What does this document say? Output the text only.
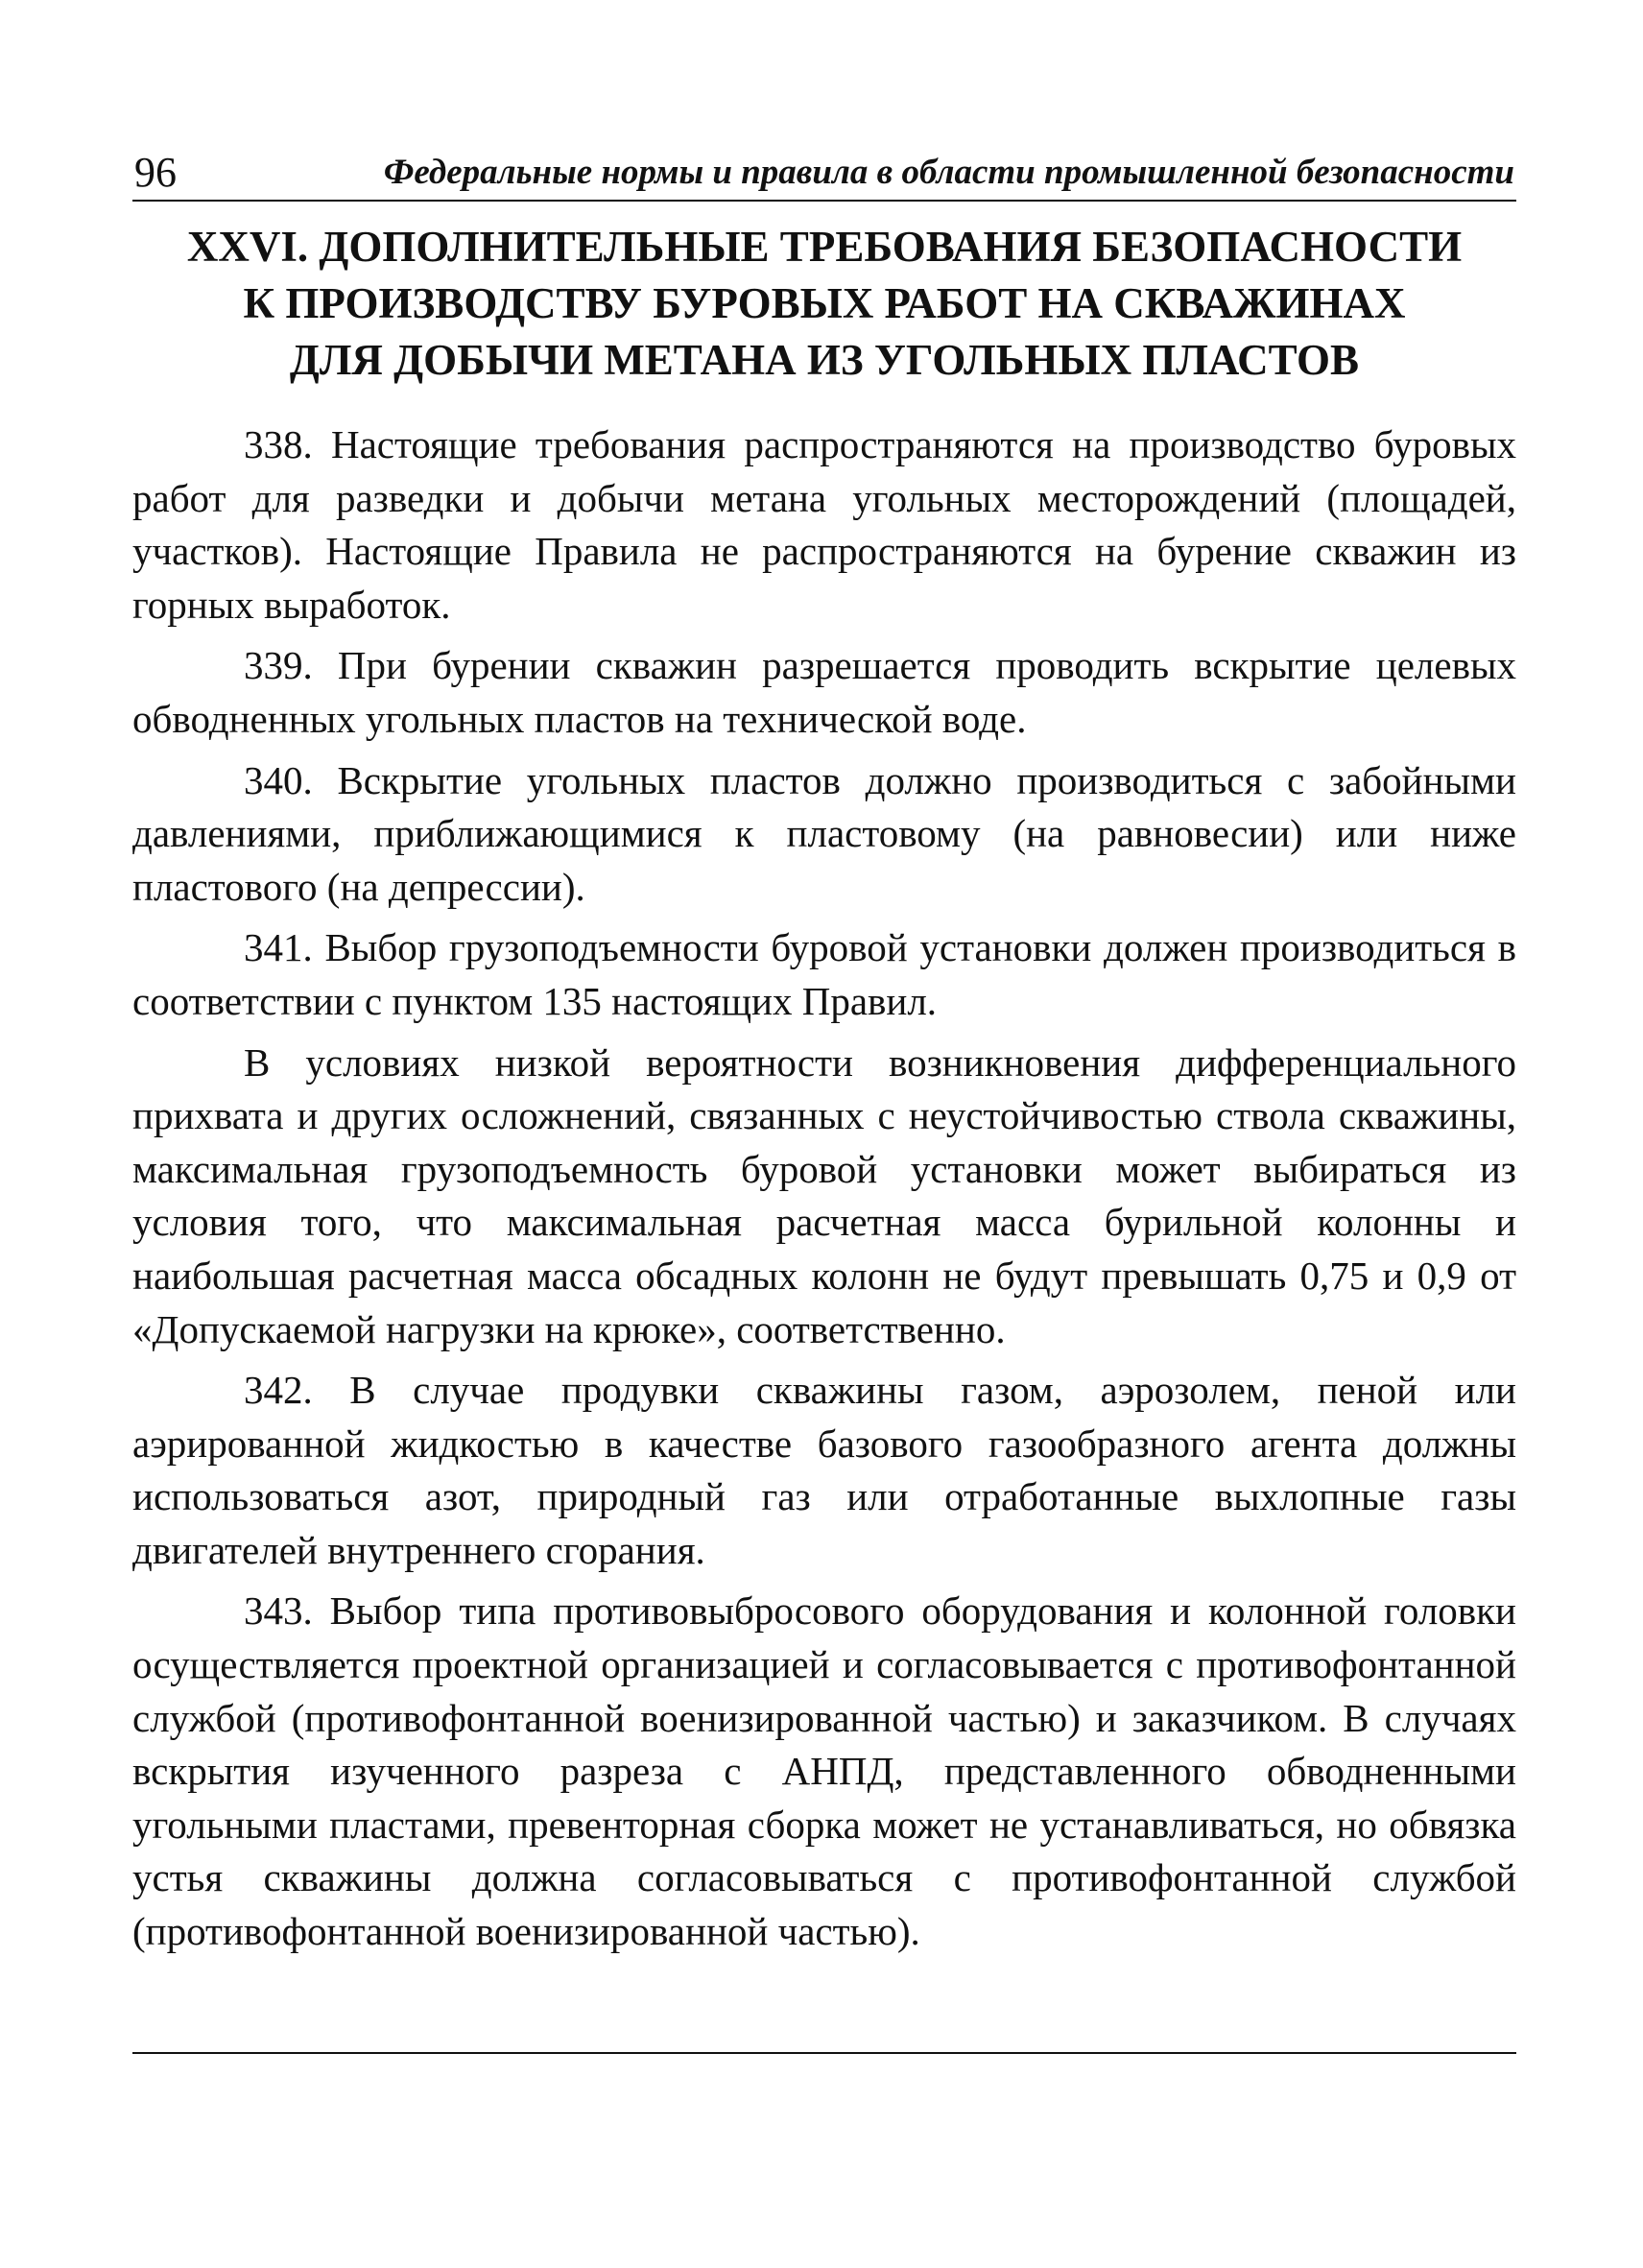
96	Федеральные нормы и правила в области промышленной безопасности
XXVI. ДОПОЛНИТЕЛЬНЫЕ ТРЕБОВАНИЯ БЕЗОПАСНОСТИ
К ПРОИЗВОДСТВУ БУРОВЫХ РАБОТ НА СКВАЖИНАХ
ДЛЯ ДОБЫЧИ МЕТАНА ИЗ УГОЛЬНЫХ ПЛАСТОВ

338. Настоящие требования распространяются на производство буровых работ для разведки и добычи метана угольных месторождений (площадей, участков). Настоящие Правила не распространяются на бурение скважин из горных выработок.

339. При бурении скважин разрешается проводить вскрытие целевых обводненных угольных пластов на технической воде.

340. Вскрытие угольных пластов должно производиться с забойными давлениями, приближающимися к пластовому (на равновесии) или ниже пластового (на депрессии).

341. Выбор грузоподъемности буровой установки должен производиться в соответствии с пунктом 135 настоящих Правил.

В условиях низкой вероятности возникновения дифференциального прихвата и других осложнений, связанных с неустойчивостью ствола скважины, максимальная грузоподъемность буровой установки может выбираться из условия того, что максимальная расчетная масса бурильной колонны и наибольшая расчетная масса обсадных колонн не будут превышать 0,75 и 0,9 от «Допускаемой нагрузки на крюке», соответственно.

342. В случае продувки скважины газом, аэрозолем, пеной или аэрированной жидкостью в качестве базового газообразного агента должны использоваться азот, природный газ или отработанные выхлопные газы двигателей внутреннего сгорания.

343. Выбор типа противовыбросового оборудования и колонной головки осуществляется проектной организацией и согласовывается с противофонтанной службой (противофонтанной военизированной частью) и заказчиком. В случаях вскрытия изученного разреза с АНПД, представленного обводненными угольными пластами, превенторная сборка может не устанавливаться, но обвязка устья скважины должна согласовываться с противофонтанной службой (противофонтанной военизированной частью).
